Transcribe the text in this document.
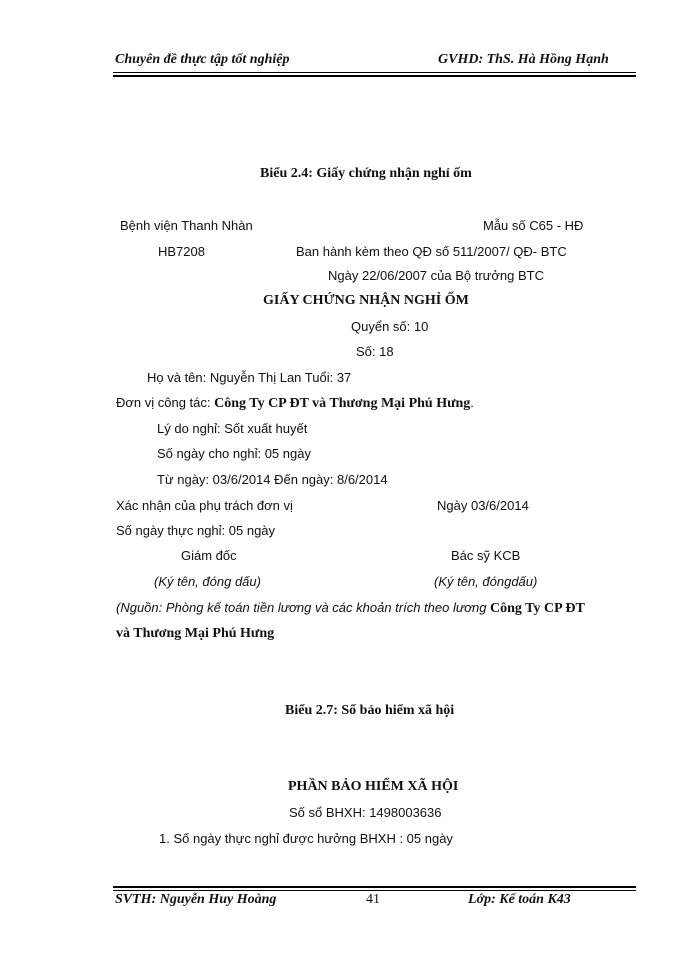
Chuyên đề thực tập tốt nghiệp	GVHD: ThS. Hà Hồng Hạnh
Biểu 2.4: Giấy chứng nhận nghỉ ốm
Bệnh viện Thanh Nhàn	Mẫu số C65 - HĐ
HB7208	Ban hành kèm theo QĐ số 511/2007/ QĐ- BTC
Ngày 22/06/2007 của Bộ trưởng BTC
GIẤY CHỨNG NHẬN NGHỈ ỐM
Quyển số: 10
Số: 18
Họ và tên: Nguyễn Thị Lan Tuổi: 37
Đơn vị công tác: Công Ty CP ĐT và Thương Mại Phú Hưng.
Lý do nghỉ: Sốt xuất huyết
Số ngày cho nghỉ: 05 ngày
Từ ngày: 03/6/2014 Đến ngày: 8/6/2014
Xác nhận của phụ trách đơn vị	Ngày 03/6/2014
Số ngày thực nghỉ: 05 ngày
Giám đốc	Bác sỹ KCB
(Ký tên, đóng dấu)	(Ký tên, đóngdấu)
(Nguồn: Phòng kế toán tiền lương và các khoản trích theo lương Công Ty CP ĐT
và Thương Mại Phú Hưng
Biểu 2.7: Sổ bảo hiểm xã hội
PHẦN BẢO HIỂM XÃ HỘI
Số sổ BHXH: 1498003636
1. Số ngày thực nghỉ được hưởng BHXH : 05 ngày
SVTH: Nguyễn Huy Hoàng	41	Lớp: Kế toán K43
